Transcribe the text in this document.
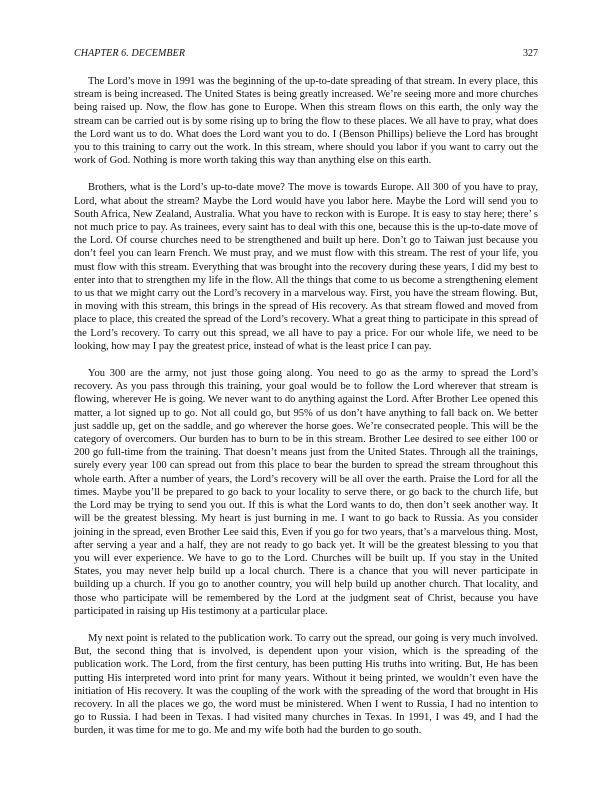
CHAPTER 6. DECEMBER	327

The Lord’s move in 1991 was the beginning of the up-to-date spreading of that stream. In every place, this stream is being increased. The United States is being greatly increased. We’re seeing more and more churches being raised up. Now, the flow has gone to Europe. When this stream flows on this earth, the only way the stream can be carried out is by some rising up to bring the flow to these places. We all have to pray, what does the Lord want us to do. What does the Lord want you to do. I (Benson Phillips) believe the Lord has brought you to this training to carry out the work. In this stream, where should you labor if you want to carry out the work of God. Nothing is more worth taking this way than anything else on this earth.

Brothers, what is the Lord’s up-to-date move? The move is towards Europe. All 300 of you have to pray, Lord, what about the stream? Maybe the Lord would have you labor here. Maybe the Lord will send you to South Africa, New Zealand, Australia. What you have to reckon with is Europe. It is easy to stay here; there’ s not much price to pay. As trainees, every saint has to deal with this one, because this is the up-to-date move of the Lord. Of course churches need to be strengthened and built up here. Don’t go to Taiwan just because you don’t feel you can learn French. We must pray, and we must flow with this stream. The rest of your life, you must flow with this stream. Everything that was brought into the recovery during these years, I did my best to enter into that to strengthen my life in the flow. All the things that come to us become a strengthening element to us that we might carry out the Lord’s recovery in a marvelous way. First, you have the stream flowing. But, in moving with this stream, this brings in the spread of His recovery. As that stream flowed and moved from place to place, this created the spread of the Lord’s recovery. What a great thing to participate in this spread of the Lord’s recovery. To carry out this spread, we all have to pay a price. For our whole life, we need to be looking, how may I pay the greatest price, instead of what is the least price I can pay.

You 300 are the army, not just those going along. You need to go as the army to spread the Lord’s recovery. As you pass through this training, your goal would be to follow the Lord wherever that stream is flowing, wherever He is going. We never want to do anything against the Lord. After Brother Lee opened this matter, a lot signed up to go. Not all could go, but 95% of us don’t have anything to fall back on. We better just saddle up, get on the saddle, and go wherever the horse goes. We’re consecrated people. This will be the category of overcomers. Our burden has to burn to be in this stream. Brother Lee desired to see either 100 or 200 go full-time from the training. That doesn’t means just from the United States. Through all the trainings, surely every year 100 can spread out from this place to bear the burden to spread the stream throughout this whole earth. After a number of years, the Lord’s recovery will be all over the earth. Praise the Lord for all the times. Maybe you’ll be prepared to go back to your locality to serve there, or go back to the church life, but the Lord may be trying to send you out. If this is what the Lord wants to do, then don’t seek another way. It will be the greatest blessing. My heart is just burning in me. I want to go back to Russia. As you consider joining in the spread, even Brother Lee said this, Even if you go for two years, that’s a marvelous thing. Most, after serving a year and a half, they are not ready to go back yet. It will be the greatest blessing to you that you will ever experience. We have to go to the Lord. Churches will be built up. If you stay in the United States, you may never help build up a local church. There is a chance that you will never participate in building up a church. If you go to another country, you will help build up another church. That locality, and those who participate will be remembered by the Lord at the judgment seat of Christ, because you have participated in raising up His testimony at a particular place.

My next point is related to the publication work. To carry out the spread, our going is very much involved. But, the second thing that is involved, is dependent upon your vision, which is the spreading of the publication work. The Lord, from the first century, has been putting His truths into writing. But, He has been putting His interpreted word into print for many years. Without it being printed, we wouldn’t even have the initiation of His recovery. It was the coupling of the work with the spreading of the word that brought in His recovery. In all the places we go, the word must be ministered. When I went to Russia, I had no intention to go to Russia. I had been in Texas. I had visited many churches in Texas. In 1991, I was 49, and I had the burden, it was time for me to go. Me and my wife both had the burden to go south.
